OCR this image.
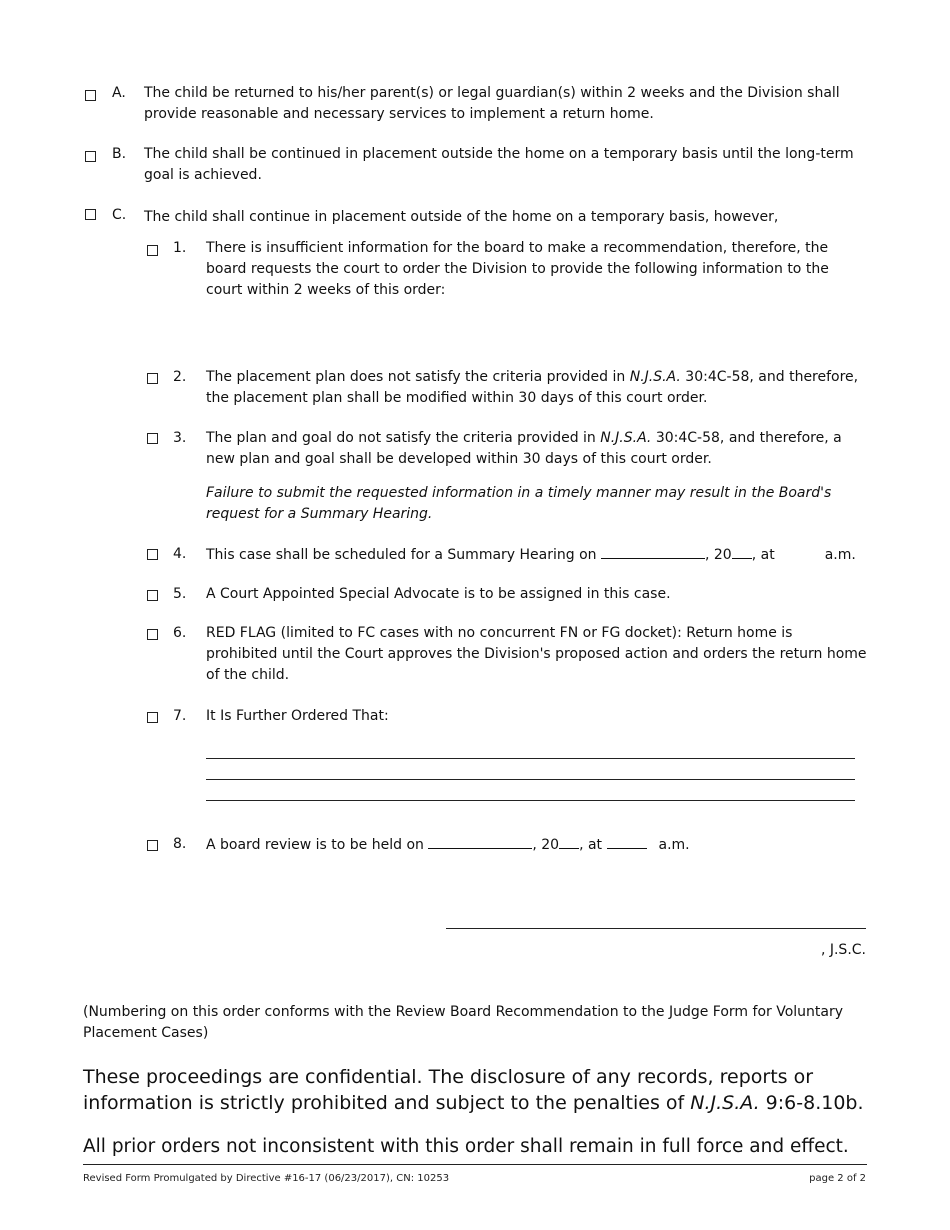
A. The child be returned to his/her parent(s) or legal guardian(s) within 2 weeks and the Division shall provide reasonable and necessary services to implement a return home.
B. The child shall be continued in placement outside the home on a temporary basis until the long-term goal is achieved.
C. The child shall continue in placement outside of the home on a temporary basis, however,
1. There is insufficient information for the board to make a recommendation, therefore, the board requests the court to order the Division to provide the following information to the court within 2 weeks of this order:
2. The placement plan does not satisfy the criteria provided in N.J.S.A. 30:4C-58, and therefore, the placement plan shall be modified within 30 days of this court order.
3. The plan and goal do not satisfy the criteria provided in N.J.S.A. 30:4C-58, and therefore, a new plan and goal shall be developed within 30 days of this court order.
Failure to submit the requested information in a timely manner may result in the Board's request for a Summary Hearing.
4. This case shall be scheduled for a Summary Hearing on	, 20 , at	a.m.
5. A Court Appointed Special Advocate is to be assigned in this case.
6. RED FLAG (limited to FC cases with no concurrent FN or FG docket): Return home is prohibited until the Court approves the Division's proposed action and orders the return home of the child.
7. It Is Further Ordered That:
8. A board review is to be held on	, 20 , at	a.m.
, J.S.C.
(Numbering on this order conforms with the Review Board Recommendation to the Judge Form for Voluntary Placement Cases)
These proceedings are confidential. The disclosure of any records, reports or information is strictly prohibited and subject to the penalties of N.J.S.A. 9:6-8.10b.
All prior orders not inconsistent with this order shall remain in full force and effect.
Revised Form Promulgated by Directive #16-17 (06/23/2017), CN: 10253	page 2 of 2
